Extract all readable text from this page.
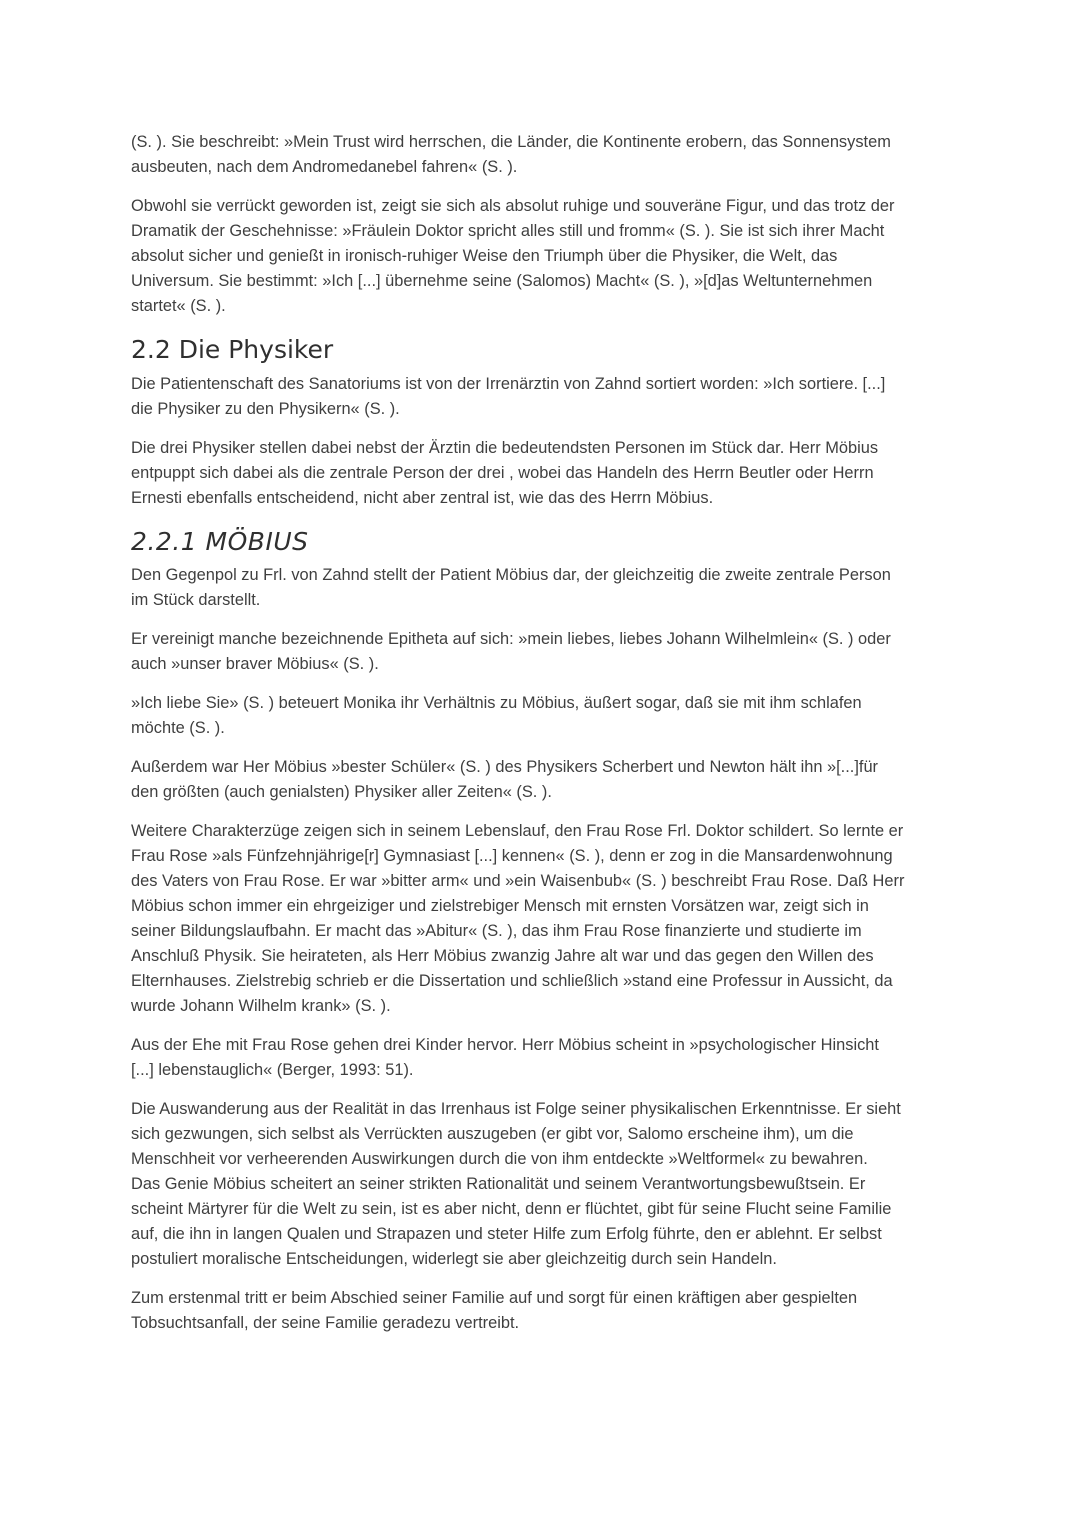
(S. ). Sie beschreibt: »Mein Trust wird herrschen, die Länder, die Kontinente erobern, das Sonnensystem
ausbeuten, nach dem Andromedanebel fahren« (S. ).

Obwohl sie verrückt geworden ist, zeigt sie sich als absolut ruhige und souveräne Figur, und das trotz der
Dramatik der Geschehnisse: »Fräulein Doktor spricht alles still und fromm« (S. ). Sie ist sich ihrer Macht
absolut sicher und genießt in ironisch-ruhiger Weise den Triumph über die Physiker, die Welt, das
Universum. Sie bestimmt: »Ich [...] übernehme seine (Salomos) Macht« (S. ), »[d]as Weltunternehmen
startet« (S. ).

2.2 Die Physiker

Die Patientenschaft des Sanatoriums ist von der Irrenärztin von Zahnd sortiert worden: »Ich sortiere. [...]
die Physiker zu den Physikern« (S. ).

Die drei Physiker stellen dabei nebst der Ärztin die bedeutendsten Personen im Stück dar. Herr Möbius
entpuppt sich dabei als die zentrale Person der drei , wobei das Handeln des Herrn Beutler oder Herrn
Ernesti ebenfalls entscheidend, nicht aber zentral ist, wie das des Herrn Möbius.

2.2.1 MÖBIUS

Den Gegenpol zu Frl. von Zahnd stellt der Patient Möbius dar, der gleichzeitig die zweite zentrale Person
im Stück darstellt.

Er vereinigt manche bezeichnende Epitheta auf sich: »mein liebes, liebes Johann Wilhelmlein« (S. ) oder
auch »unser braver Möbius« (S. ).

»Ich liebe Sie» (S. ) beteuert Monika ihr Verhältnis zu Möbius, äußert sogar, daß sie mit ihm schlafen
möchte (S. ).

Außerdem war Her Möbius »bester Schüler« (S. ) des Physikers Scherbert und Newton hält ihn »[...]für
den größten (auch genialsten) Physiker aller Zeiten« (S. ).

Weitere Charakterzüge zeigen sich in seinem Lebenslauf, den Frau Rose Frl. Doktor schildert. So lernte er
Frau Rose »als Fünfzehnjährige[r] Gymnasiast [...] kennen« (S. ), denn er zog in die Mansardenwohnung
des Vaters von Frau Rose. Er war »bitter arm« und »ein Waisenbub« (S. ) beschreibt Frau Rose. Daß Herr
Möbius schon immer ein ehrgeiziger und zielstrebiger Mensch mit ernsten Vorsätzen war, zeigt sich in
seiner Bildungslaufbahn. Er macht das »Abitur« (S. ), das ihm Frau Rose finanzierte und studierte im
Anschluß Physik. Sie heirateten, als Herr Möbius zwanzig Jahre alt war und das gegen den Willen des
Elternhauses. Zielstrebig schrieb er die Dissertation und schließlich »stand eine Professur in Aussicht, da
wurde Johann Wilhelm krank» (S. ).

Aus der Ehe mit Frau Rose gehen drei Kinder hervor. Herr Möbius scheint in »psychologischer Hinsicht
[...] lebenstauglich« (Berger, 1993: 51).

Die Auswanderung aus der Realität in das Irrenhaus ist Folge seiner physikalischen Erkenntnisse. Er sieht
sich gezwungen, sich selbst als Verrückten auszugeben (er gibt vor, Salomo erscheine ihm), um die
Menschheit vor verheerenden Auswirkungen durch die von ihm entdeckte »Weltformel« zu bewahren.
Das Genie Möbius scheitert an seiner strikten Rationalität und seinem Verantwortungsbewußtsein. Er
scheint Märtyrer für die Welt zu sein, ist es aber nicht, denn er flüchtet, gibt für seine Flucht seine Familie
auf, die ihn in langen Qualen und Strapazen und steter Hilfe zum Erfolg führte, den er ablehnt. Er selbst
postuliert moralische Entscheidungen, widerlegt sie aber gleichzeitig durch sein Handeln.

Zum erstenmal tritt er beim Abschied seiner Familie auf und sorgt für einen kräftigen aber gespielten
Tobsuchtsanfall, der seine Familie geradezu vertreibt.
